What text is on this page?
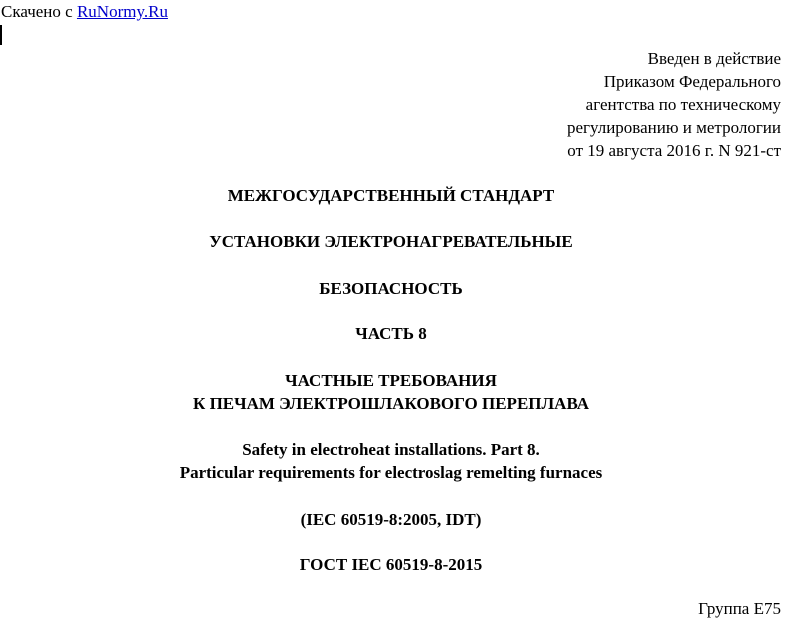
Скачено с RuNormy.Ru
Введен в действие
Приказом Федерального
агентства по техническому
регулированию и метрологии
от 19 августа 2016 г. N 921-ст
МЕЖГОСУДАРСТВЕННЫЙ СТАНДАРТ
УСТАНОВКИ ЭЛЕКТРОНАГРЕВАТЕЛЬНЫЕ
БЕЗОПАСНОСТЬ
ЧАСТЬ 8
ЧАСТНЫЕ ТРЕБОВАНИЯ
К ПЕЧАМ ЭЛЕКТРОШЛАКОВОГО ПЕРЕПЛАВА
Safety in electroheat installations. Part 8.
Particular requirements for electroslag remelting furnaces
(IEC 60519-8:2005, IDT)
ГОСТ IEC 60519-8-2015
Группа Е75
